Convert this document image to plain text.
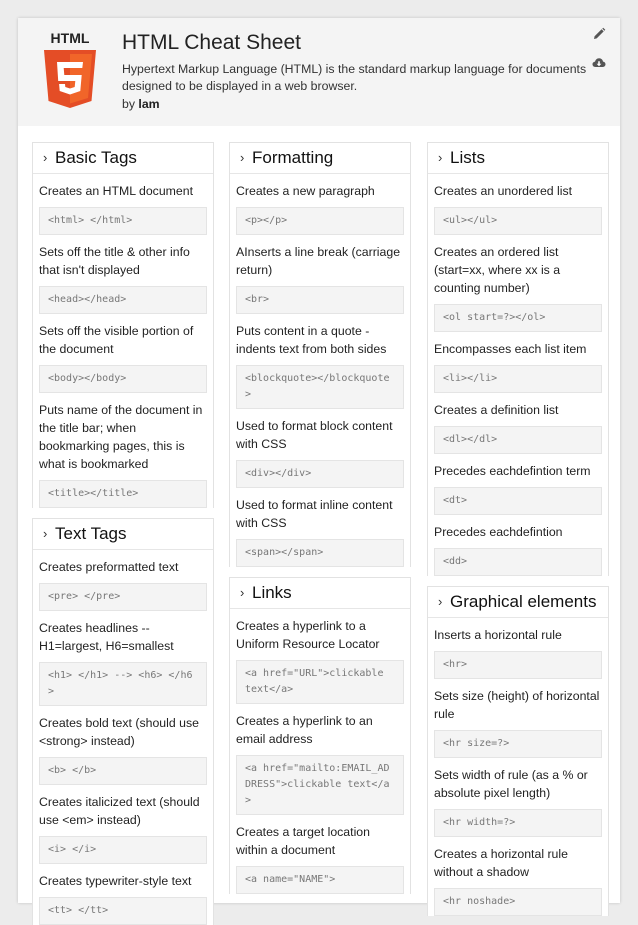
HTML HTML Cheat Sheet
Hypertext Markup Language (HTML) is the standard markup language for documents designed to be displayed in a web browser.
by lam
› Basic Tags
Creates an HTML document
<html> </html>
Sets off the title & other info that isn't displayed
<head></head>
Sets off the visible portion of the document
<body></body>
Puts name of the document in the title bar; when bookmarking pages, this is what is bookmarked
<title></title>
› Text Tags
Creates preformatted text
<pre> </pre>
Creates headlines -- H1=largest, H6=smallest
<h1> </h1> --> <h6> </h6>
Creates bold text (should use <strong> instead)
<b> </b>
Creates italicized text (should use <em> instead)
<i> </i>
Creates typewriter-style text
<tt> </tt>
› Formatting
Creates a new paragraph
<p></p>
AInserts a line break (carriage return)
<br>
Puts content in a quote - indents text from both sides
<blockquote></blockquote>
Used to format block content with CSS
<div></div>
Used to format inline content with CSS
<span></span>
› Links
Creates a hyperlink to a Uniform Resource Locator
<a href="URL">clickable text</a>
Creates a hyperlink to an email address
<a href="mailto:EMAIL_ADDRESS">clickable text</a>
Creates a target location within a document
<a name="NAME">
› Lists
Creates an unordered list
<ul></ul>
Creates an ordered list (start=xx, where xx is a counting number)
<ol start=?></ol>
Encompasses each list item
<li></li>
Creates a definition list
<dl></dl>
Precedes eachdefintion term
<dt>
Precedes eachdefintion
<dd>
› Graphical elements
Inserts a horizontal rule
<hr>
Sets size (height) of horizontal rule
<hr size=?>
Sets width of rule (as a % or absolute pixel length)
<hr width=?>
Creates a horizontal rule without a shadow
<hr noshade>
